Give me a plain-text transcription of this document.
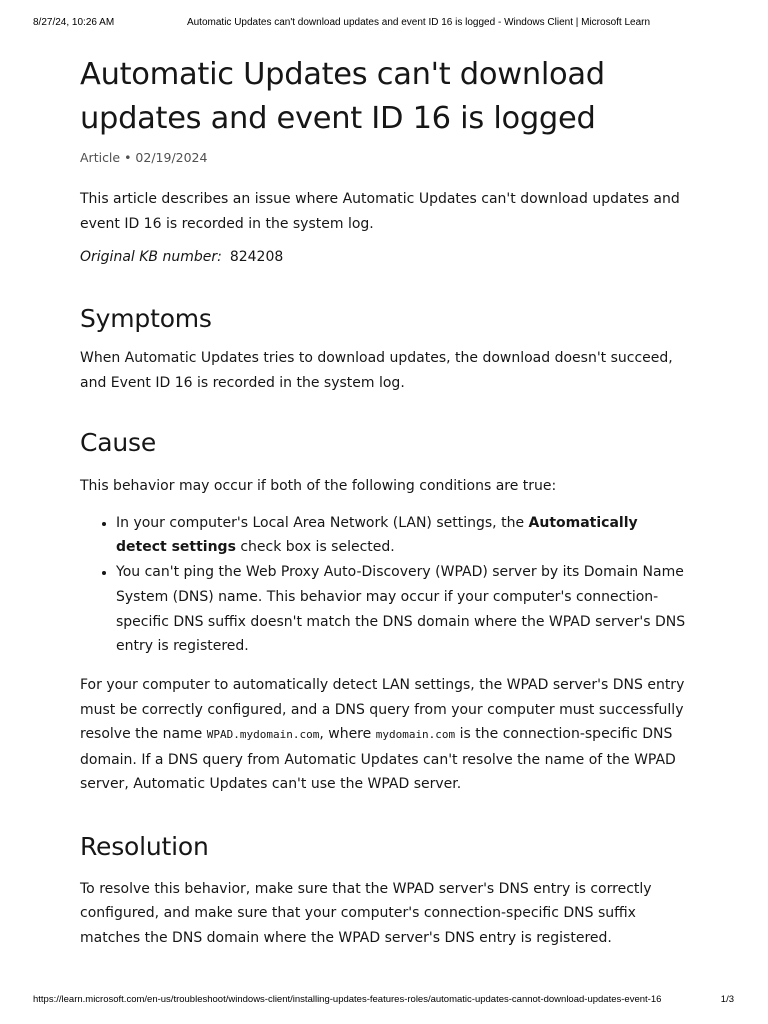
8/27/24, 10:26 AM	Automatic Updates can't download updates and event ID 16 is logged - Windows Client | Microsoft Learn
Automatic Updates can't download updates and event ID 16 is logged
Article • 02/19/2024

This article describes an issue where Automatic Updates can't download updates and event ID 16 is recorded in the system log.

Original KB number: 824208
Symptoms

When Automatic Updates tries to download updates, the download doesn't succeed, and Event ID 16 is recorded in the system log.

Cause

This behavior may occur if both of the following conditions are true:

• In your computer's Local Area Network (LAN) settings, the Automatically detect settings check box is selected.
• You can't ping the Web Proxy Auto-Discovery (WPAD) server by its Domain Name System (DNS) name. This behavior may occur if your computer's connection-specific DNS suffix doesn't match the DNS domain where the WPAD server's DNS entry is registered.

For your computer to automatically detect LAN settings, the WPAD server's DNS entry must be correctly configured, and a DNS query from your computer must successfully resolve the name WPAD.mydomain.com, where mydomain.com is the connection-specific DNS domain. If a DNS query from Automatic Updates can't resolve the name of the WPAD server, Automatic Updates can't use the WPAD server.

Resolution

To resolve this behavior, make sure that the WPAD server's DNS entry is correctly configured, and make sure that your computer's connection-specific DNS suffix matches the DNS domain where the WPAD server's DNS entry is registered.

https://learn.microsoft.com/en-us/troubleshoot/windows-client/installing-updates-features-roles/automatic-updates-cannot-download-updates-event-16	1/3
